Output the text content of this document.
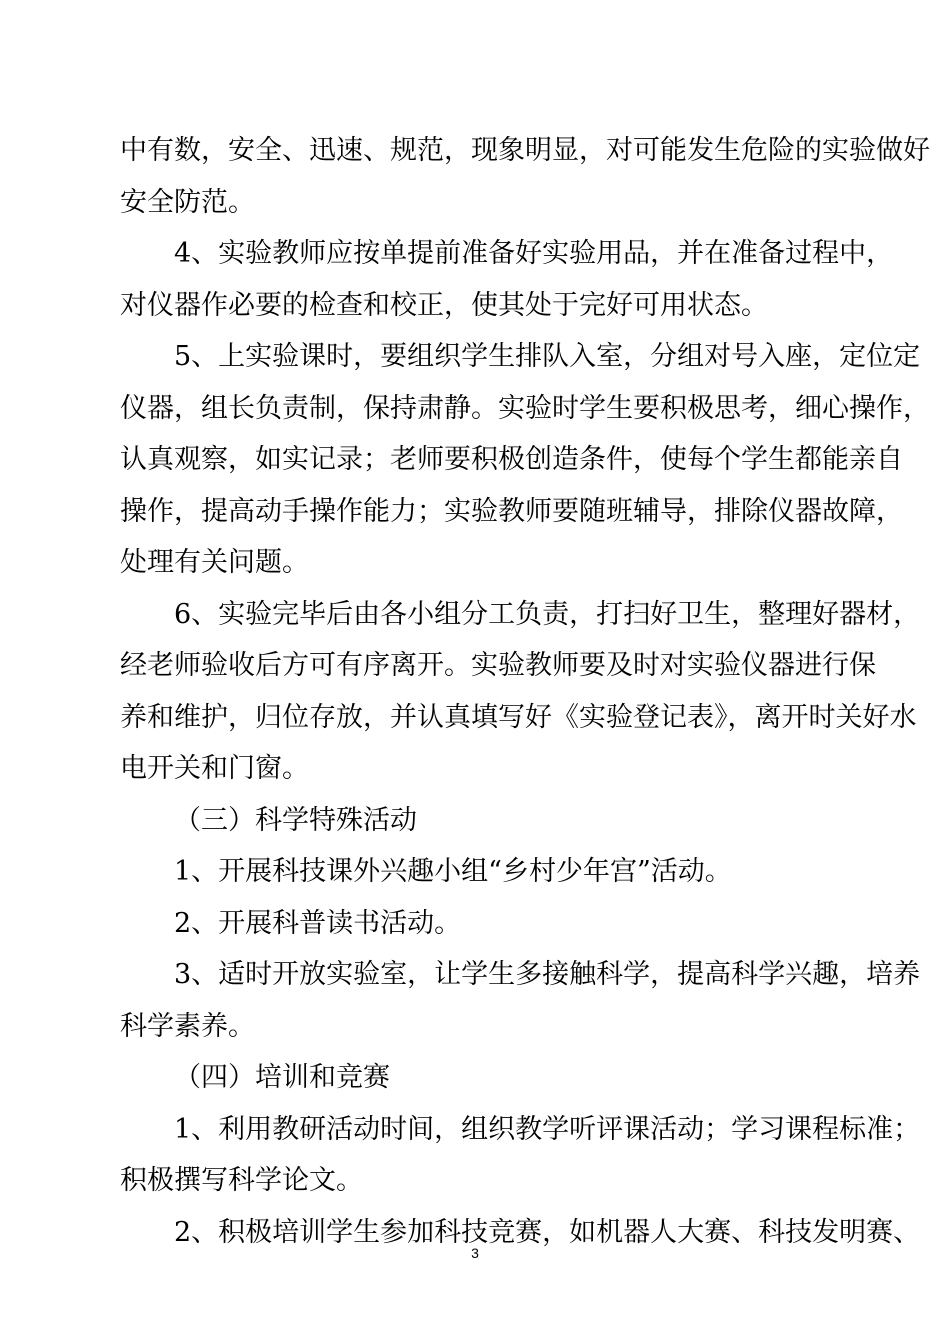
中有数，安全、迅速、规范，现象明显，对可能发生危险的实验做好
安全防范。
4、实验教师应按单提前准备好实验用品，并在准备过程中，
对仪器作必要的检查和校正，使其处于完好可用状态。
5、上实验课时，要组织学生排队入室，分组对号入座，定位定
仪器，组长负责制，保持肃静。实验时学生要积极思考，细心操作，
认真观察，如实记录；老师要积极创造条件，使每个学生都能亲自
操作，提高动手操作能力；实验教师要随班辅导，排除仪器故障，
处理有关问题。
6、实验完毕后由各小组分工负责，打扫好卫生，整理好器材，
经老师验收后方可有序离开。实验教师要及时对实验仪器进行保
养和维护，归位存放，并认真填写好《实验登记表》，离开时关好水
电开关和门窗。
（三）科学特殊活动
1、开展科技课外兴趣小组“乡村少年宫”活动。
2、开展科普读书活动。
3、适时开放实验室，让学生多接触科学，提高科学兴趣，培养
科学素养。
（四）培训和竞赛
1、利用教研活动时间，组织教学听评课活动；学习课程标准；
积极撰写科学论文。
2、积极培训学生参加科技竞赛，如机器人大赛、科技发明赛、
3
